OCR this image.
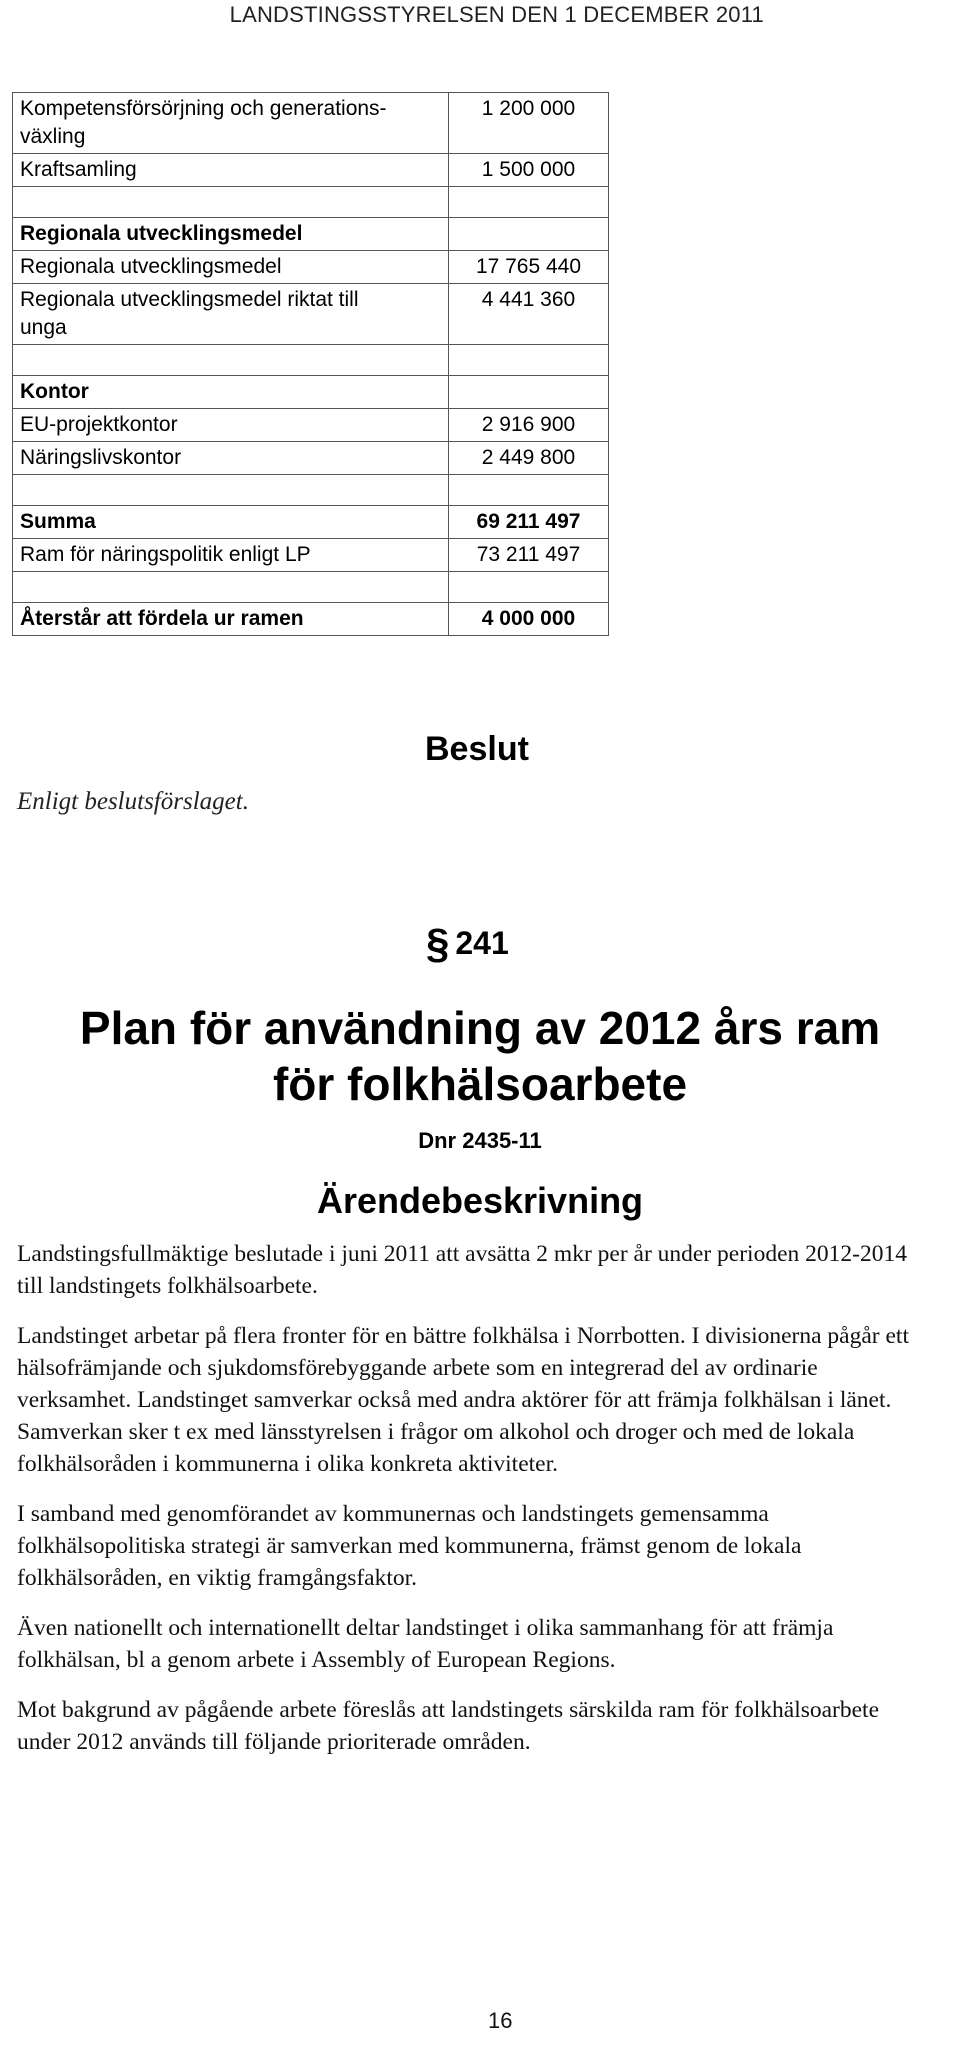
LANDSTINGSSTYRELSEN DEN 1 DECEMBER 2011
Kompetensförsörjning och generations-
växling	1 200 000
Kraftsamling	1 500 000

Regionala utvecklingsmedel	
Regionala utvecklingsmedel	17 765 440
Regionala utvecklingsmedel riktat till
unga	4 441 360

Kontor	
EU-projektkontor	2 916 900
Näringslivskontor	2 449 800

Summa	69 211 497
Ram för näringspolitik enligt LP	73 211 497

Återstår att fördela ur ramen	4 000 000
Beslut
Enligt beslutsförslaget.
§ 241
Plan för användning av 2012 års ram
för folkhälsoarbete
Dnr 2435-11
Ärendebeskrivning

Landstingsfullmäktige beslutade i juni 2011 att avsätta 2 mkr per år under perioden 2012-2014 till landstingets folkhälsoarbete.

Landstinget arbetar på flera fronter för en bättre folkhälsa i Norrbotten. I divisionerna pågår ett hälsofrämjande och sjukdomsförebyggande arbete som en integrerad del av ordinarie verksamhet. Landstinget samverkar också med andra aktörer för att främja folkhälsan i länet. Samverkan sker t ex med länsstyrelsen i frågor om alkohol och droger och med de lokala folkhälsoråden i kommunerna i olika konkreta aktiviteter.

I samband med genomförandet av kommunernas och landstingets gemensamma folkhälsopolitiska strategi är samverkan med kommunerna, främst genom de lokala folkhälsoråden, en viktig framgångsfaktor.

Även nationellt och internationellt deltar landstinget i olika sammanhang för att främja folkhälsan, bl a genom arbete i Assembly of European Regions.

Mot bakgrund av pågående arbete föreslås att landstingets särskilda ram för folkhälsoarbete under 2012 används till följande prioriterade områden.

16
